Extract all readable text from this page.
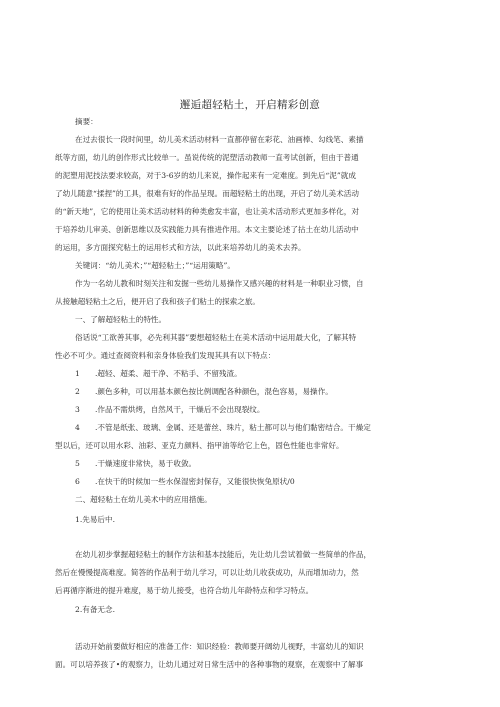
邂逅超轻粘土，开启精彩创意
摘要：
在过去很长一段时间里，幼儿美术活动材料一直都停留在彩花、油画棒、勾线笔、素描
纸等方面，幼儿的创作形式比较单一。虽说传统的泥塑活动教师一直考试创新，但由于普通
的泥塑用泥技法要求较高，对于3-6岁的幼儿来说，操作起来有一定难度。到先后“泥”就成
了幼儿随意“揉捏”的工具，很难有好的作品呈现。而超轻粘土的出现，开启了幼儿美术活动
的“新天地”，它的使用让美术活动材料的种类愈发丰富，也让美术活动形式更加多样化，对
于培养幼儿审美、创新思维以及实践能力具有推进作用。本文主要论述了拈土在幼儿活动中
的运用，多方面探究粘土的运用杉式和方法，以此来培养幼儿的美术去养。
关键词：“幼儿美术；”“超轻粘土；”“运用策略”。
作为一名幼儿教和时刻关注和发掘一些幼儿易操作又感兴趣的材料是一种职业习惯，自
从接触超轻粘土之后，便开启了我和孩子们粘土的探索之旅。
一、了解超轻粘土的特性。
俗话说“工欲善其事，必先利其器”要想超轻粘土在美术活动中运用最大化，了解其特
性必不可少。通过查阅资料和亲身体验我们发现其具有以下特点：
1 .超轻、超柔、超干净、不粘手、不留残渣。
2 .颜色多种，可以用基本颜色按比例调配各种颜色，混色容易，易操作。
3 .作品不需烘烤，自然风干，干燥后不会出现裂纹。
4 .不管是纸张、玻璃、金属、还是蕾丝、珠片，粘土都可以与他们黏密结合。干燥定
型以后，还可以用水彩、油彩、亚克力颜料、指甲油等给它上色，固色性能也非常好。
5 .干燥速度非常快，易于收敛。
6 .在快干的时候加一些水保湿密封保存，又能很快恢兔原状/0
二、超轻粘土在幼儿美术中的应用措施。
1.先易后中.
在幼儿初步掌握超轻粘土的制作方法和基本技能后，先让幼儿尝试着做一些简单的作品，
然后在慢慢提高难度。简答的作品利于幼儿学习，可以让幼儿收获成功，从而增加动力，然
后再循序渐进的提升难度，易于幼儿接受，也符合幼儿年龄特点和学习特点。
2.有备无念.
活动开始前要做好相应的准备工作：知识经验：教师要开阔幼儿视野，丰富幼儿的知识
面。可以培养孩了•的观察力，让幼儿通过对日常生活中的各种事物的观察，在观察中了解事
